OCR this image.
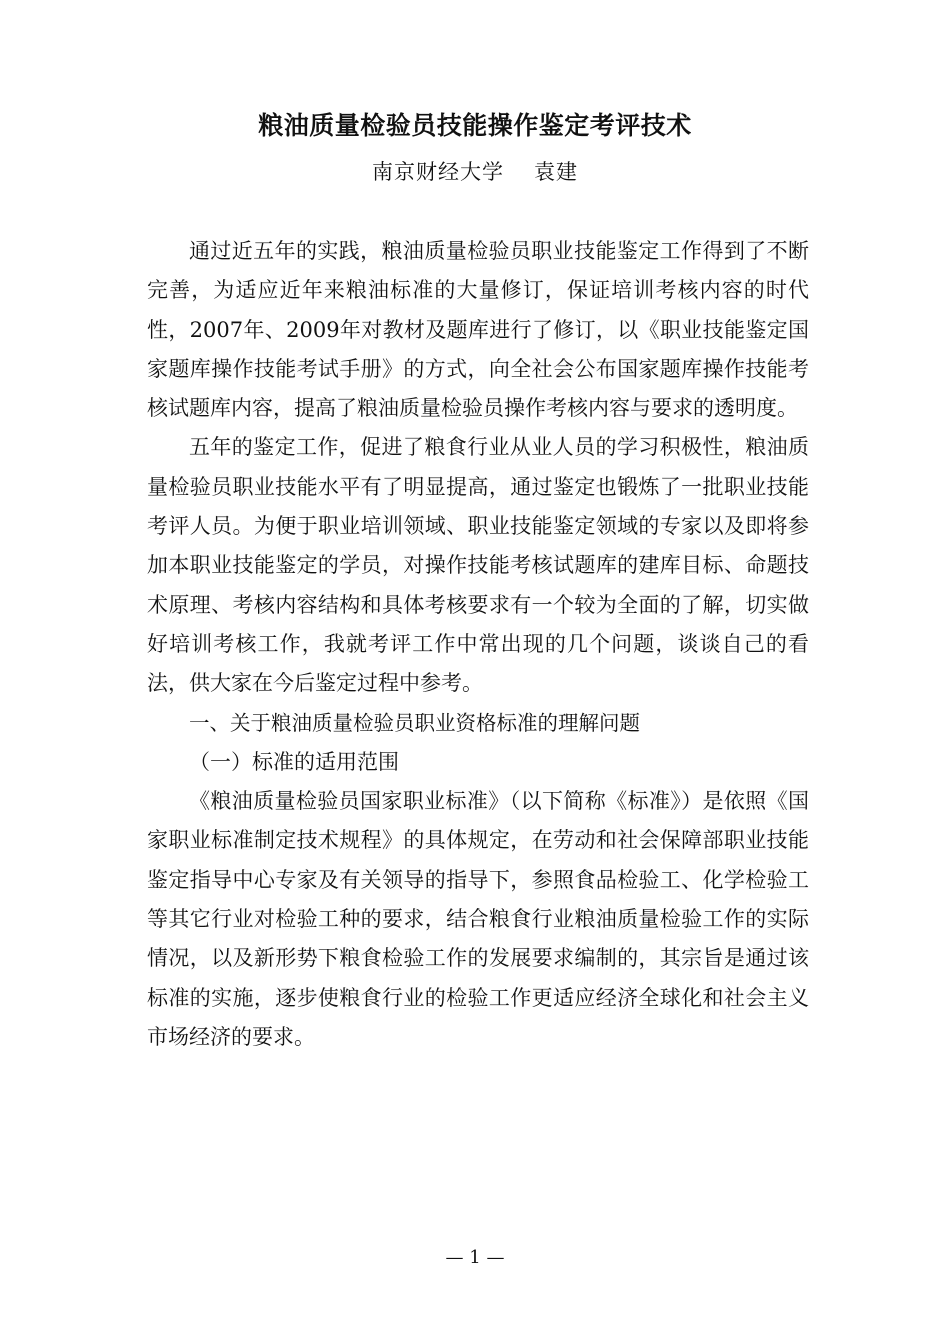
粮油质量检验员技能操作鉴定考评技术
南京财经大学 袁建

通过近五年的实践，粮油质量检验员职业技能鉴定工作得到了不断完善，为适应近年来粮油标准的大量修订，保证培训考核内容的时代性，2007年、2009年对教材及题库进行了修订，以《职业技能鉴定国家题库操作技能考试手册》的方式，向全社会公布国家题库操作技能考核试题库内容，提高了粮油质量检验员操作考核内容与要求的透明度。

五年的鉴定工作，促进了粮食行业从业人员的学习积极性，粮油质量检验员职业技能水平有了明显提高，通过鉴定也锻炼了一批职业技能考评人员。为便于职业培训领域、职业技能鉴定领域的专家以及即将参加本职业技能鉴定的学员，对操作技能考核试题库的建库目标、命题技术原理、考核内容结构和具体考核要求有一个较为全面的了解，切实做好培训考核工作，我就考评工作中常出现的几个问题，谈谈自己的看法，供大家在今后鉴定过程中参考。

一、关于粮油质量检验员职业资格标准的理解问题

（一）标准的适用范围

《粮油质量检验员国家职业标准》（以下简称《标准》）是依照《国家职业标准制定技术规程》的具体规定，在劳动和社会保障部职业技能鉴定指导中心专家及有关领导的指导下，参照食品检验工、化学检验工等其它行业对检验工种的要求，结合粮食行业粮油质量检验工作的实际情况，以及新形势下粮食检验工作的发展要求编制的，其宗旨是通过该标准的实施，逐步使粮食行业的检验工作更适应经济全球化和社会主义市场经济的要求。

— 1 —
